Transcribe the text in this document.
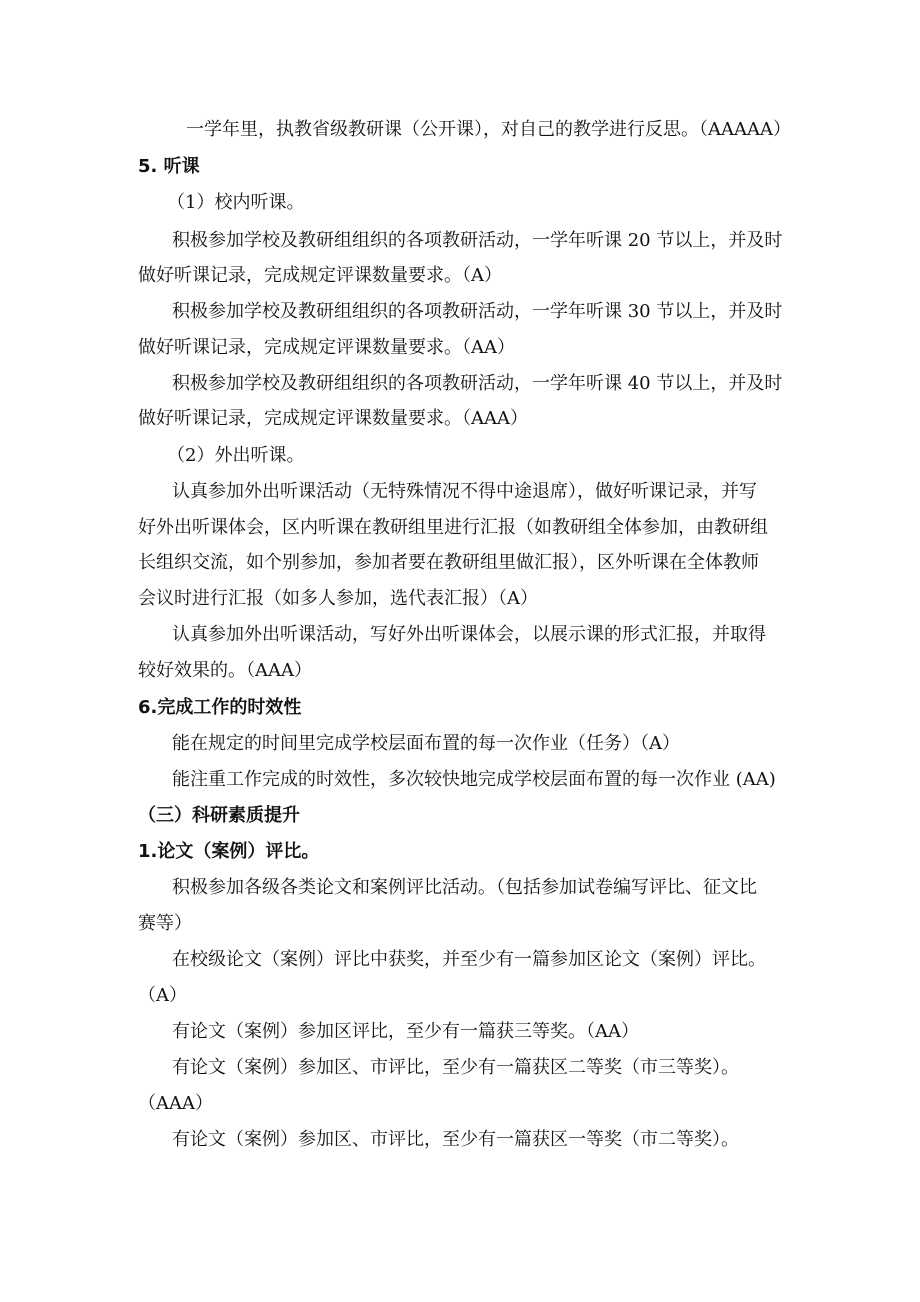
一学年里，执教省级教研课（公开课），对自己的教学进行反思。（AAAAA）
5. 听课
（1）校内听课。
积极参加学校及教研组组织的各项教研活动，一学年听课 20 节以上，并及时
做好听课记录，完成规定评课数量要求。（A）
积极参加学校及教研组组织的各项教研活动，一学年听课 30 节以上，并及时
做好听课记录，完成规定评课数量要求。（AA）
积极参加学校及教研组组织的各项教研活动，一学年听课 40 节以上，并及时
做好听课记录，完成规定评课数量要求。（AAA）
（2）外出听课。
认真参加外出听课活动（无特殊情况不得中途退席），做好听课记录，并写
好外出听课体会，区内听课在教研组里进行汇报（如教研组全体参加，由教研组
长组织交流，如个别参加，参加者要在教研组里做汇报），区外听课在全体教师
会议时进行汇报（如多人参加，选代表汇报）（A）
认真参加外出听课活动，写好外出听课体会，以展示课的形式汇报，并取得
较好效果的。（AAA）
6.完成工作的时效性
能在规定的时间里完成学校层面布置的每一次作业（任务）（A）
能注重工作完成的时效性，多次较快地完成学校层面布置的每一次作业 (AA)
（三）科研素质提升
1.论文（案例）评比。
积极参加各级各类论文和案例评比活动。（包括参加试卷编写评比、征文比
赛等）
在校级论文（案例）评比中获奖，并至少有一篇参加区论文（案例）评比。
（A）
有论文（案例）参加区评比，至少有一篇获三等奖。（AA）
有论文（案例）参加区、市评比，至少有一篇获区二等奖（市三等奖）。
（AAA）
有论文（案例）参加区、市评比，至少有一篇获区一等奖（市二等奖）。
